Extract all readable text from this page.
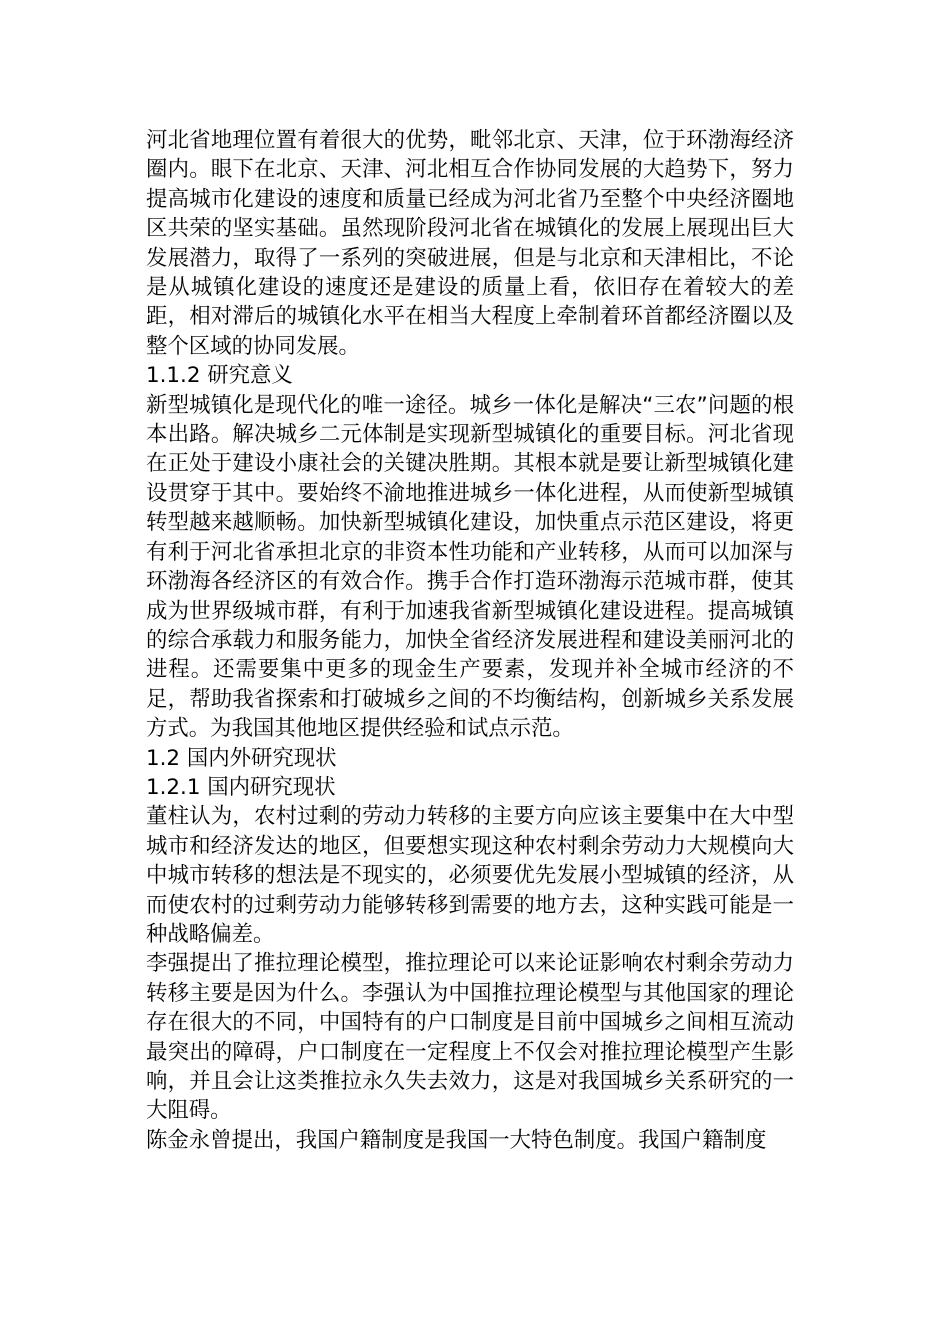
河北省地理位置有着很大的优势，毗邻北京、天津，位于环渤海经济圈内。眼下在北京、天津、河北相互合作协同发展的大趋势下，努力提高城市化建设的速度和质量已经成为河北省乃至整个中央经济圈地区共荣的坚实基础。虽然现阶段河北省在城镇化的发展上展现出巨大发展潜力，取得了一系列的突破进展，但是与北京和天津相比，不论是从城镇化建设的速度还是建设的质量上看，依旧存在着较大的差距，相对滞后的城镇化水平在相当大程度上牵制着环首都经济圈以及整个区域的协同发展。

1.1.2 研究意义

新型城镇化是现代化的唯一途径。城乡一体化是解决“三农”问题的根本出路。解决城乡二元体制是实现新型城镇化的重要目标。河北省现在正处于建设小康社会的关键决胜期。其根本就是要让新型城镇化建设贯穿于其中。要始终不渝地推进城乡一体化进程，从而使新型城镇转型越来越顺畅。加快新型城镇化建设，加快重点示范区建设，将更有利于河北省承担北京的非资本性功能和产业转移，从而可以加深与环渤海各经济区的有效合作。携手合作打造环渤海示范城市群，使其成为世界级城市群，有利于加速我省新型城镇化建设进程。提高城镇的综合承载力和服务能力，加快全省经济发展进程和建设美丽河北的进程。还需要集中更多的现金生产要素，发现并补全城市经济的不足，帮助我省探索和打破城乡之间的不均衡结构，创新城乡关系发展方式。为我国其他地区提供经验和试点示范。

1.2 国内外研究现状
1.2.1 国内研究现状

董柱认为，农村过剩的劳动力转移的主要方向应该主要集中在大中型城市和经济发达的地区，但要想实现这种农村剩余劳动力大规模向大中城市转移的想法是不现实的，必须要优先发展小型城镇的经济，从而使农村的过剩劳动力能够转移到需要的地方去，这种实践可能是一种战略偏差。

李强提出了推拉理论模型，推拉理论可以来论证影响农村剩余劳动力转移主要是因为什么。李强认为中国推拉理论模型与其他国家的理论存在很大的不同，中国特有的户口制度是目前中国城乡之间相互流动最突出的障碍，户口制度在一定程度上不仅会对推拉理论模型产生影响，并且会让这类推拉永久失去效力，这是对我国城乡关系研究的一大阻碍。

陈金永曾提出，我国户籍制度是我国一大特色制度。我国户籍制度
